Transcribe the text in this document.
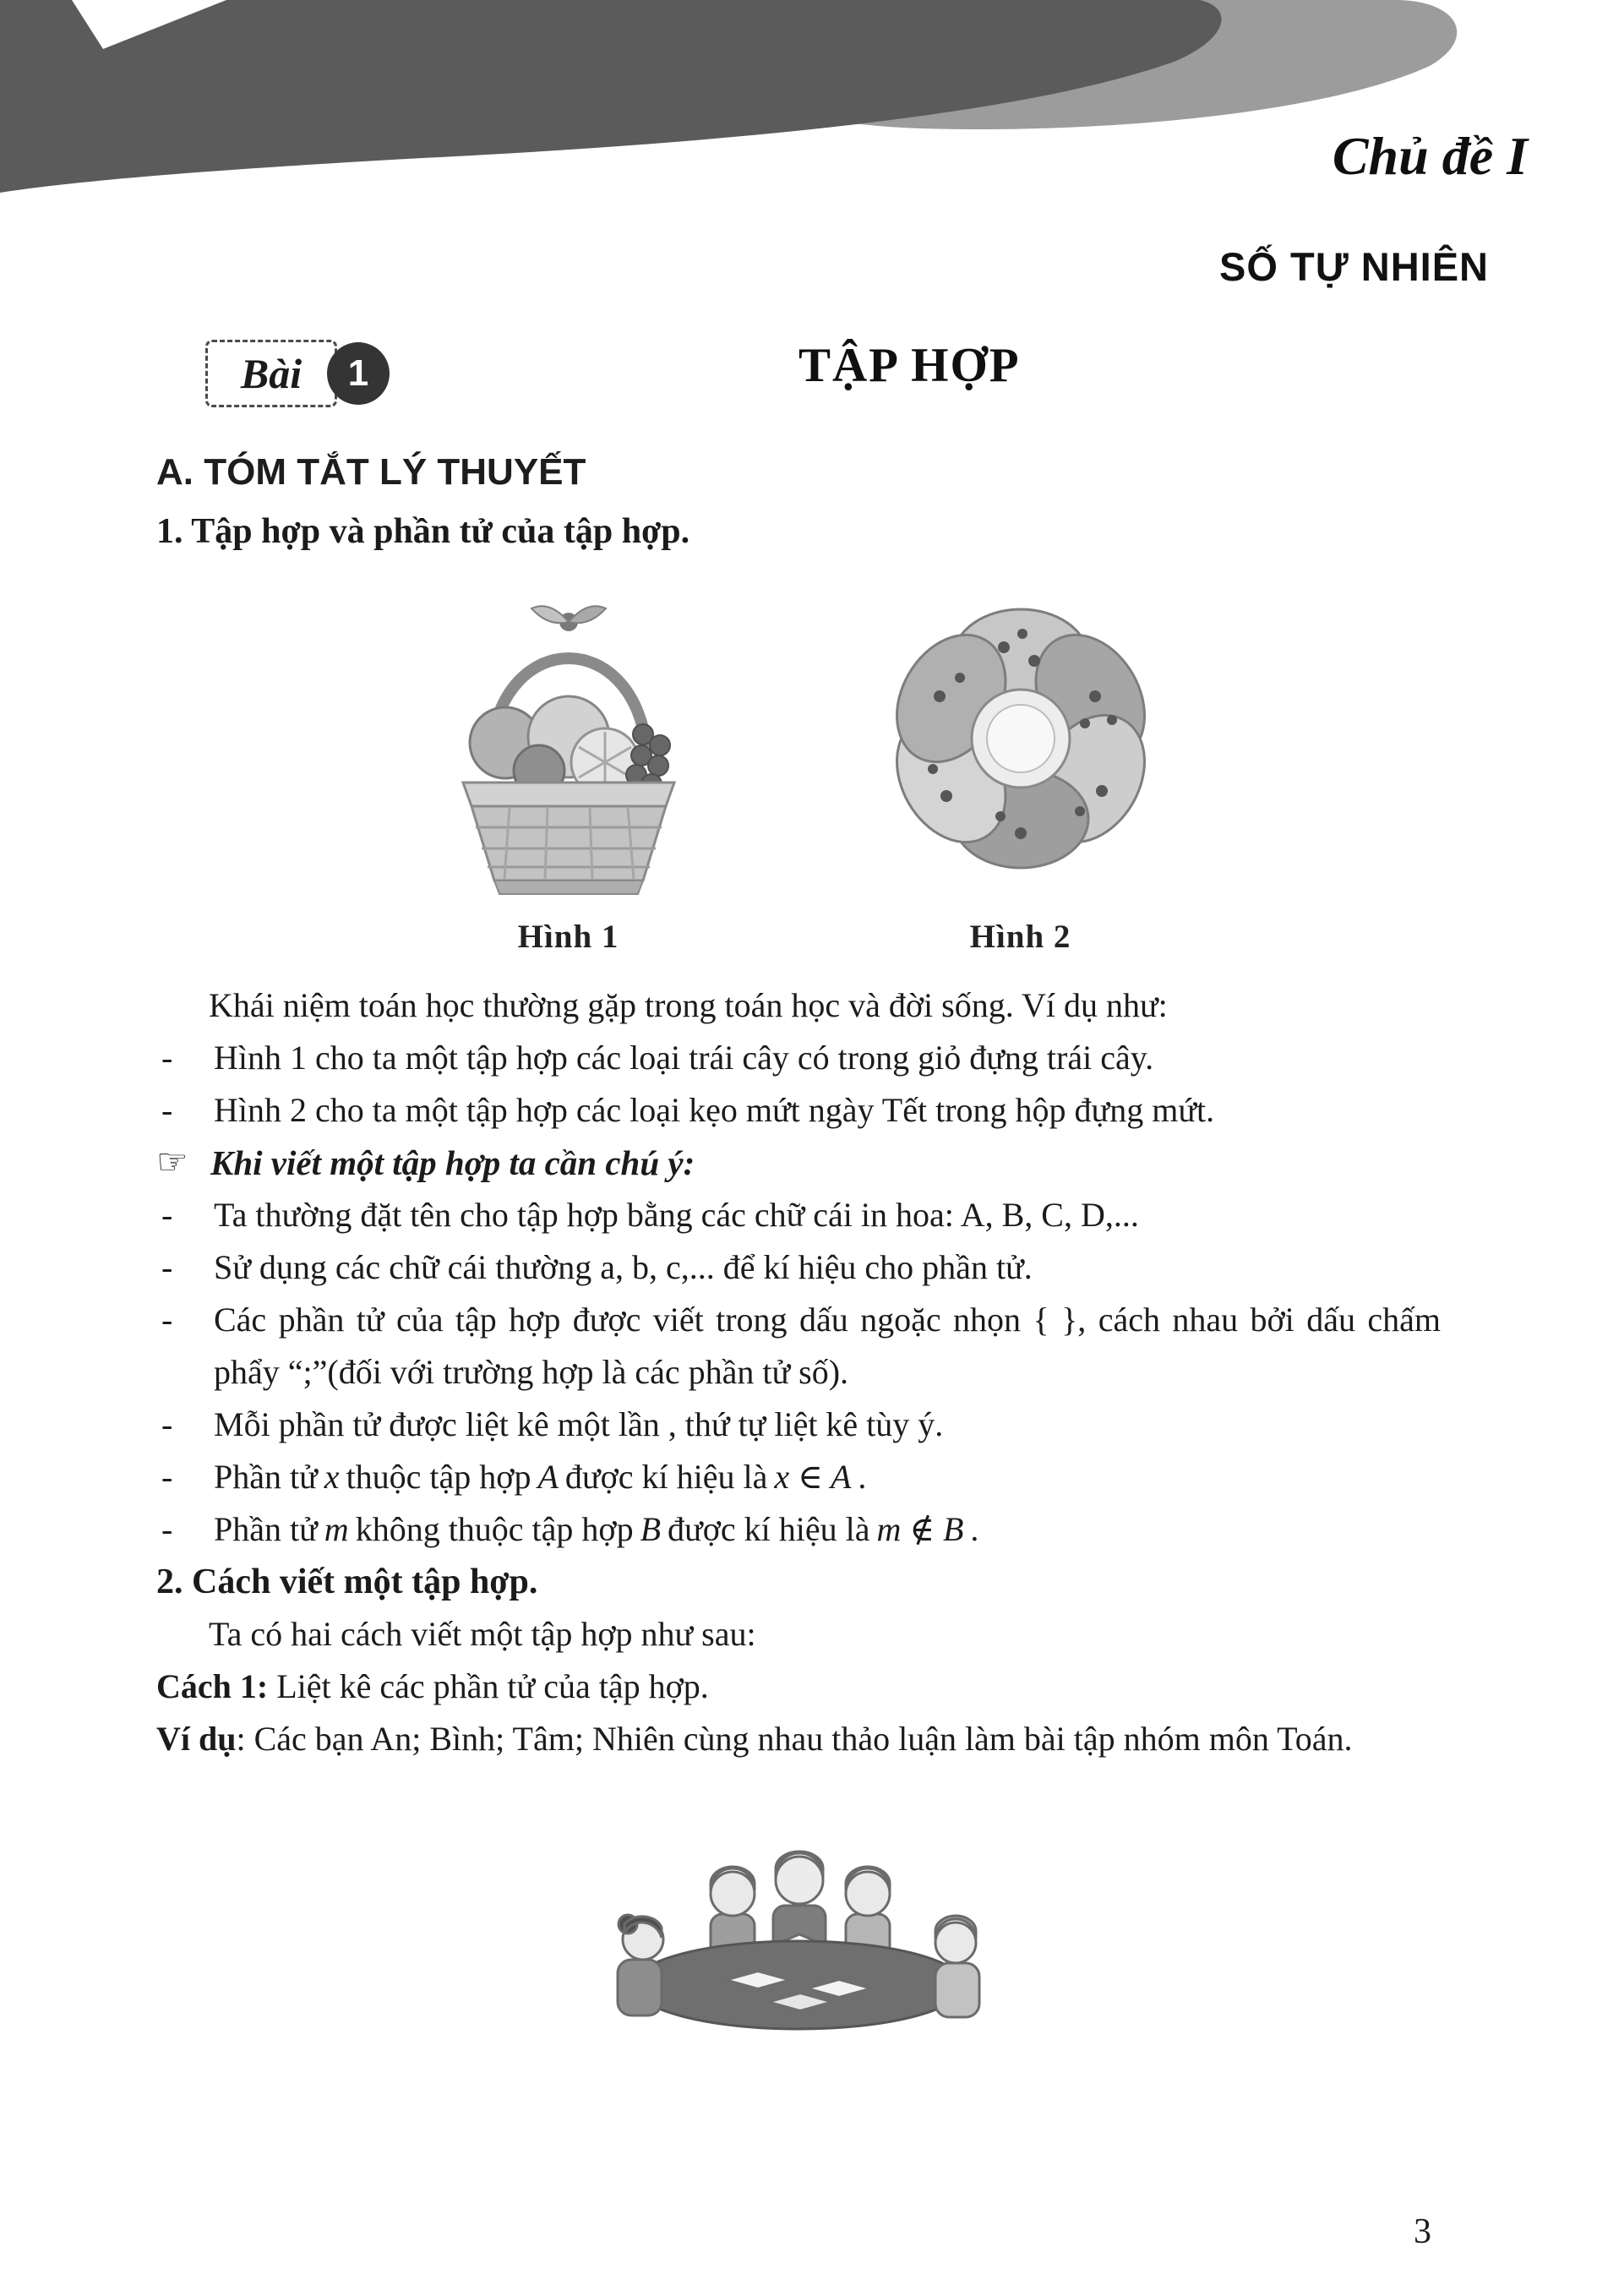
Chủ đề I
SỐ TỰ NHIÊN
Bài	1	TẬP HỢP
A. TÓM TẮT LÝ THUYẾT
1. Tập hợp và phần tử của tập hợp.
Hình 1	Hình 2

Khái niệm toán học thường gặp trong toán học và đời sống. Ví dụ như:

-	Hình 1 cho ta một tập hợp các loại trái cây có trong giỏ đựng trái cây.

-	Hình 2 cho ta một tập hợp các loại kẹo mứt ngày Tết trong hộp đựng mứt.

☞ Khi viết một tập hợp ta cần chú ý:

-	Ta thường đặt tên cho tập hợp bằng các chữ cái in hoa: A, B, C, D,...

-	Sử dụng các chữ cái thường a, b, c,... để kí hiệu cho phần tử.

-	Các phần tử của tập hợp được viết trong dấu ngoặc nhọn { }, cách nhau bởi dấu chấm phẩy “;”(đối với trường hợp là các phần tử số).

-	Mỗi phần tử được liệt kê một lần , thứ tự liệt kê tùy ý.

-	Phần tử x thuộc tập hợp A được kí hiệu là x ∈ A .

-	Phần tử m không thuộc tập hợp B được kí hiệu là m ∉ B .

2. Cách viết một tập hợp.

Ta có hai cách viết một tập hợp như sau:

Cách 1: Liệt kê các phần tử của tập hợp.

Ví dụ: Các bạn An; Bình; Tâm; Nhiên cùng nhau thảo luận làm bài tập nhóm môn Toán.

3
